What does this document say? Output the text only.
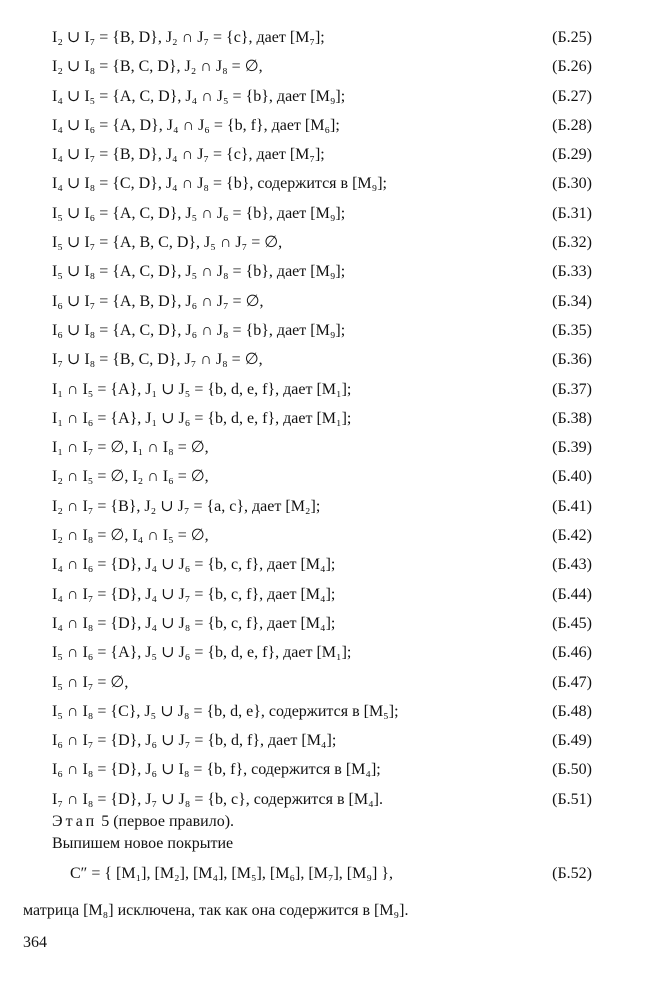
I₂ ∪ I₇ = {B, D}, J₂ ∩ J₇ = {c}, дает [M₇];	(Б.25)
I₂ ∪ I₈ = {B, C, D}, J₂ ∩ J₈ = ∅,	(Б.26)
I₄ ∪ I₅ = {A, C, D}, J₄ ∩ J₅ = {b}, дает [M₉];	(Б.27)
I₄ ∪ I₆ = {A, D}, J₄ ∩ J₆ = {b, f}, дает [M₆];	(Б.28)
I₄ ∪ I₇ = {B, D}, J₄ ∩ J₇ = {c}, дает [M₇];	(Б.29)
I₄ ∪ I₈ = {C, D}, J₄ ∩ J₈ = {b}, содержится в [M₉];	(Б.30)
I₅ ∪ I₆ = {A, C, D}, J₅ ∩ J₆ = {b}, дает [M₉];	(Б.31)
I₅ ∪ I₇ = {A, B, C, D}, J₅ ∩ J₇ = ∅,	(Б.32)
I₅ ∪ I₈ = {A, C, D}, J₅ ∩ J₈ = {b}, дает [M₉];	(Б.33)
I₆ ∪ I₇ = {A, B, D}, J₆ ∩ J₇ = ∅,	(Б.34)
I₆ ∪ I₈ = {A, C, D}, J₆ ∩ J₈ = {b}, дает [M₉];	(Б.35)
I₇ ∪ I₈ = {B, C, D}, J₇ ∩ J₈ = ∅,	(Б.36)
I₁ ∩ I₅ = {A}, J₁ ∪ J₅ = {b, d, e, f}, дает [M₁];	(Б.37)
I₁ ∩ I₆ = {A}, J₁ ∪ J₆ = {b, d, e, f}, дает [M₁];	(Б.38)
I₁ ∩ I₇ = ∅, I₁ ∩ I₈ = ∅,	(Б.39)
I₂ ∩ I₅ = ∅, I₂ ∩ I₆ = ∅,	(Б.40)
I₂ ∩ I₇ = {B}, J₂ ∪ J₇ = {a, c}, дает [M₂];	(Б.41)
I₂ ∩ I₈ = ∅, I₄ ∩ I₅ = ∅,	(Б.42)
I₄ ∩ I₆ = {D}, J₄ ∪ J₆ = {b, c, f}, дает [M₄];	(Б.43)
I₄ ∩ I₇ = {D}, J₄ ∪ J₇ = {b, c, f}, дает [M₄];	(Б.44)
I₄ ∩ I₈ = {D}, J₄ ∪ J₈ = {b, c, f}, дает [M₄];	(Б.45)
I₅ ∩ I₆ = {A}, J₅ ∪ J₆ = {b, d, e, f}, дает [M₁];	(Б.46)
I₅ ∩ I₇ = ∅,	(Б.47)
I₅ ∩ I₈ = {C}, J₅ ∪ J₈ = {b, d, e}, содержится в [M₅];	(Б.48)
I₆ ∩ I₇ = {D}, J₆ ∪ J₇ = {b, d, f}, дает [M₄];	(Б.49)
I₆ ∩ I₈ = {D}, J₆ ∪ I₈ = {b, f}, содержится в [M₄];	(Б.50)
I₇ ∩ I₈ = {D}, J₇ ∪ J₈ = {b, c}, содержится в [M₄].	(Б.51)
Этап 5 (первое правило).
Выпишем новое покрытие
C″ = { [M₁], [M₂], [M₄], [M₅], [M₆], [M₇], [M₉] },	(Б.52)
матрица [M₈] исключена, так как она содержится в [M₉].
364
